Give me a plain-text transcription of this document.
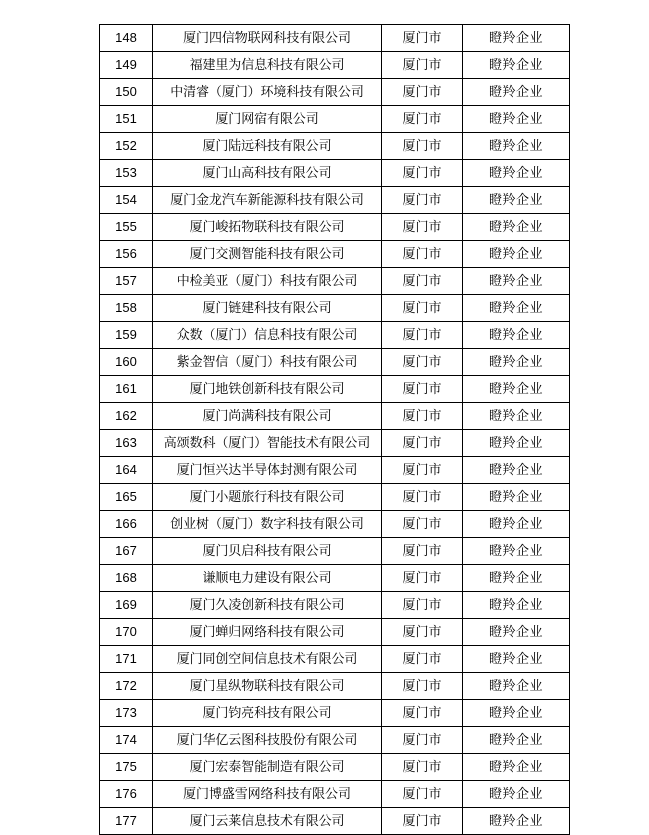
148	厦门四信物联网科技有限公司	厦门市	瞪羚企业
149	福建里为信息科技有限公司	厦门市	瞪羚企业
150	中清睿（厦门）环境科技有限公司	厦门市	瞪羚企业
151	厦门网宿有限公司	厦门市	瞪羚企业
152	厦门陆远科技有限公司	厦门市	瞪羚企业
153	厦门山高科技有限公司	厦门市	瞪羚企业
154	厦门金龙汽车新能源科技有限公司	厦门市	瞪羚企业
155	厦门峻拓物联科技有限公司	厦门市	瞪羚企业
156	厦门交测智能科技有限公司	厦门市	瞪羚企业
157	中检美亚（厦门）科技有限公司	厦门市	瞪羚企业
158	厦门链建科技有限公司	厦门市	瞪羚企业
159	众数（厦门）信息科技有限公司	厦门市	瞪羚企业
160	紫金智信（厦门）科技有限公司	厦门市	瞪羚企业
161	厦门地铁创新科技有限公司	厦门市	瞪羚企业
162	厦门尚满科技有限公司	厦门市	瞪羚企业
163	高颂数科（厦门）智能技术有限公司	厦门市	瞪羚企业
164	厦门恒兴达半导体封测有限公司	厦门市	瞪羚企业
165	厦门小题旅行科技有限公司	厦门市	瞪羚企业
166	创业树（厦门）数字科技有限公司	厦门市	瞪羚企业
167	厦门贝启科技有限公司	厦门市	瞪羚企业
168	谦顺电力建设有限公司	厦门市	瞪羚企业
169	厦门久凌创新科技有限公司	厦门市	瞪羚企业
170	厦门蝉归网络科技有限公司	厦门市	瞪羚企业
171	厦门同创空间信息技术有限公司	厦门市	瞪羚企业
172	厦门星纵物联科技有限公司	厦门市	瞪羚企业
173	厦门钧亮科技有限公司	厦门市	瞪羚企业
174	厦门华亿云图科技股份有限公司	厦门市	瞪羚企业
175	厦门宏泰智能制造有限公司	厦门市	瞪羚企业
176	厦门博盛雪网络科技有限公司	厦门市	瞪羚企业
177	厦门云莱信息技术有限公司	厦门市	瞪羚企业
